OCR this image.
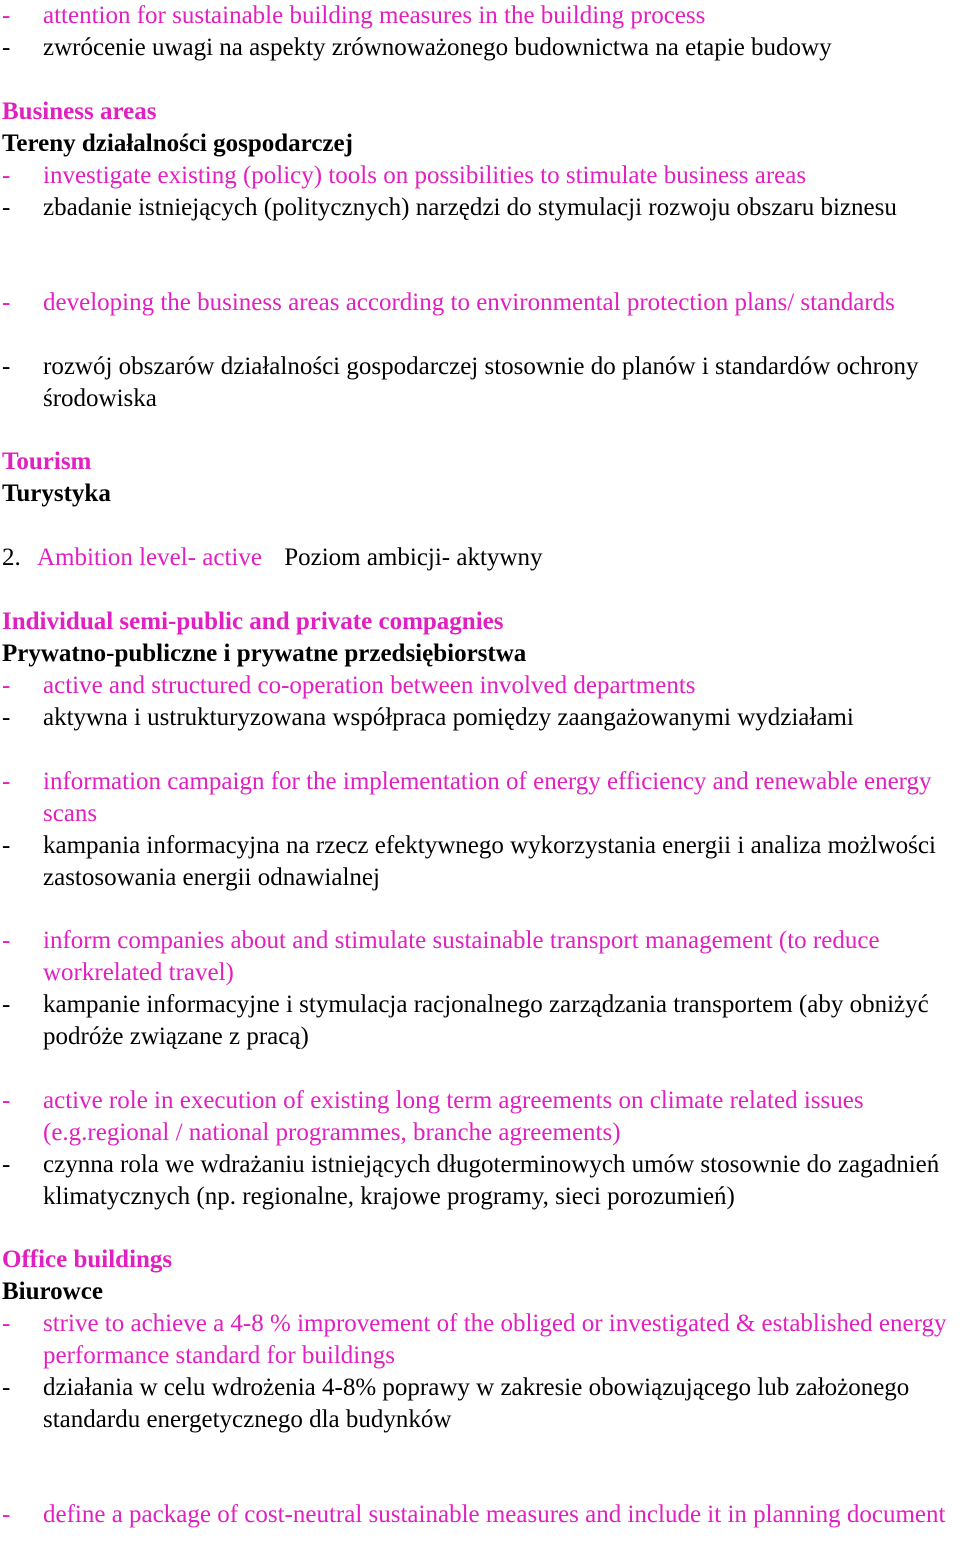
-	attention for sustainable building measures in the building process
-	zwrócenie uwagi na aspekty zrównoważonego budownictwa na etapie budowy
Business areas
Tereny działalności gospodarczej
-	investigate existing (policy) tools on possibilities to stimulate business areas
-	zbadanie istniejących (politycznych) narzędzi do stymulacji rozwoju obszaru biznesu
-	developing the business areas according to environmental protection plans/ standards
-	rozwój obszarów działalności gospodarczej stosownie do planów i standardów ochrony środowiska
Tourism
Turystyka
2. Ambition level- active Poziom ambicji- aktywny
Individual semi-public and private compagnies
Prywatno-publiczne i prywatne przedsiębiorstwa
-	active and structured co-operation between involved departments
-	aktywna i ustrukturyzowana współpraca pomiędzy zaangażowanymi wydziałami
-	information campaign for the implementation of energy efficiency and renewable energy scans
-	kampania informacyjna na rzecz efektywnego wykorzystania energii i analiza możlwości zastosowania energii odnawialnej
-	inform companies about and stimulate sustainable transport management (to reduce workrelated travel)
-	kampanie informacyjne i stymulacja racjonalnego zarządzania transportem (aby obniżyć podróże związane z pracą)
-	active role in execution of existing long term agreements on climate related issues (e.g.regional / national programmes, branche agreements)
-	czynna rola we wdrażaniu istniejących długoterminowych umów stosownie do zagadnień klimatycznych (np. regionalne, krajowe programy, sieci porozumień)
Office buildings
Biurowce
-	strive to achieve a 4-8 % improvement of the obliged or investigated & established energy performance standard for buildings
-	działania w celu wdrożenia 4-8% poprawy w zakresie obowiązującego lub założonego standardu energetycznego dla budynków
-	define a package of cost-neutral sustainable measures and include it in planning document
